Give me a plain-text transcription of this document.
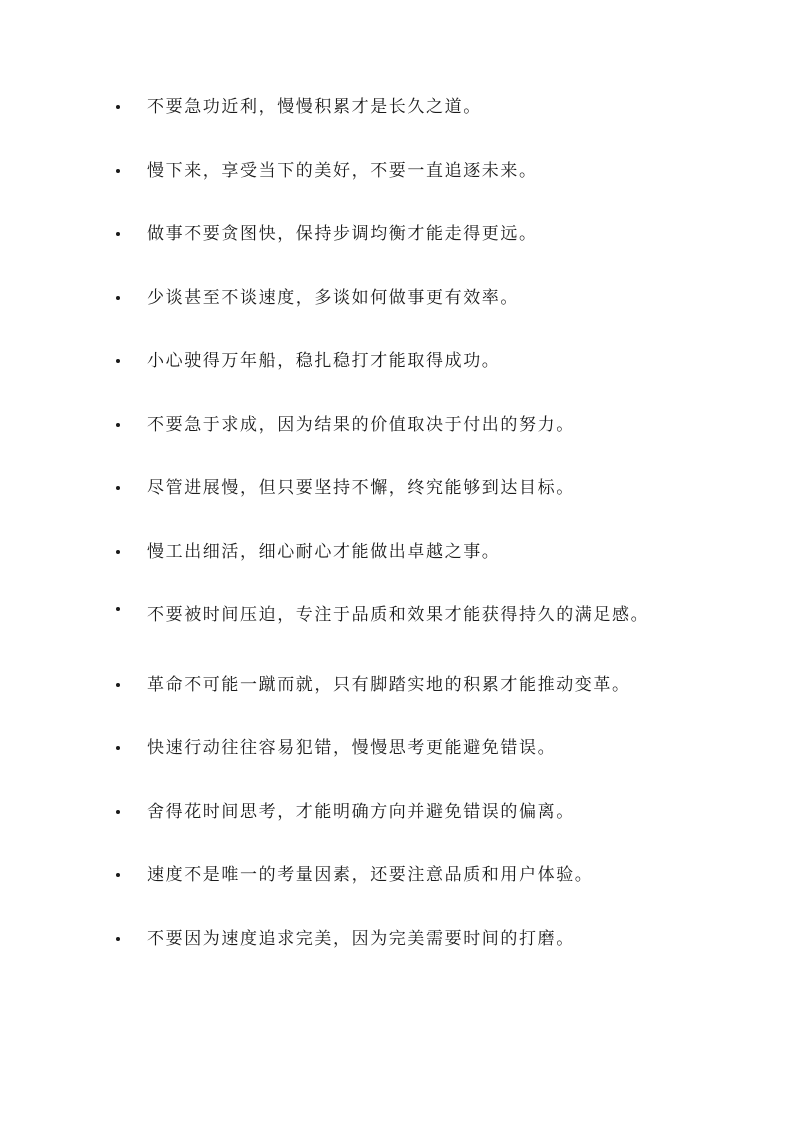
不要急功近利，慢慢积累才是长久之道。
慢下来，享受当下的美好，不要一直追逐未来。
做事不要贪图快，保持步调均衡才能走得更远。
少谈甚至不谈速度，多谈如何做事更有效率。
小心驶得万年船，稳扎稳打才能取得成功。
不要急于求成，因为结果的价值取决于付出的努力。
尽管进展慢，但只要坚持不懈，终究能够到达目标。
慢工出细活，细心耐心才能做出卓越之事。
不要被时间压迫，专注于品质和效果才能获得持久的满足感。
革命不可能一蹴而就，只有脚踏实地的积累才能推动变革。
快速行动往往容易犯错，慢慢思考更能避免错误。
舍得花时间思考，才能明确方向并避免错误的偏离。
速度不是唯一的考量因素，还要注意品质和用户体验。
不要因为速度追求完美，因为完美需要时间的打磨。
